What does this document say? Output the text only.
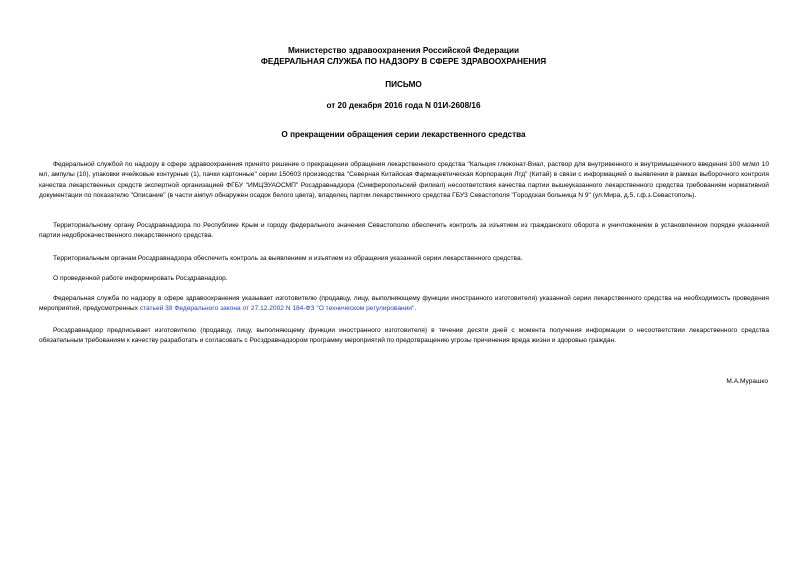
Министерство здравоохранения Российской Федерации
ФЕДЕРАЛЬНАЯ СЛУЖБА ПО НАДЗОРУ В СФЕРЕ ЗДРАВООХРАНЕНИЯ
ПИСЬМО
от 20 декабря 2016 года N 01И-2608/16
О прекращении обращения серии лекарственного средства

Федеральной службой по надзору в сфере здравоохранения принято решение о прекращении обращения лекарственного средства "Кальция глюконат-Виал, раствор для внутривенного и внутримышечного введения 100 мг/мл 10 мл, ампулы (10), упаковки ячейковые контурные (1), пачки картонные" серии 150603 производства "Северная Китайская Фармацевтическая Корпорация Лтд" (Китай) в связи с информацией о выявлении в рамках выборочного контроля качества лекарственных средств экспертной организацией ФГБУ "ИМЦЭУАОСМП" Росздравнадзора (Симферопольский филиал) несоответствия качества партии вышеуказанного лекарственного средства требованиям нормативной документации по показателю "Описание" (в части ампул обнаружен осадок белого цвета), владелец партии лекарственного средства ГБУЗ Севастополя "Городская больница N 9" (ул.Мира, д.5, г.ф.з.Севастополь).

Территориальному органу Росздравнадзора по Республике Крым и городу федерального значения Севастополю обеспечить контроль за изъятием из гражданского оборота и уничтожением в установленном порядке указанной партии недоброкачественного лекарственного средства.

Территориальным органам Росздравнадзора обеспечить контроль за выявлением и изъятием из обращения указанной серии лекарственного средства.

О проведенной работе информировать Росздравнадзор.

Федеральная служба по надзору в сфере здравоохранения указывает изготовителю (продавцу, лицу, выполняющему функции иностранного изготовителя) указанной серии лекарственного средства на необходимость проведения мероприятий, предусмотренных статьей 38 Федерального закона от 27.12.2002 N 184-ФЗ "О техническом регулировании".

Росздравнадзор предписывает изготовителю (продавцу, лицу, выполняющему функции иностранного изготовителя) в течение десяти дней с момента получения информации о несоответствии лекарственного средства обязательным требованиям к качеству разработать и согласовать с Росздравнадзором программу мероприятий по предотвращению угрозы причинения вреда жизни и здоровью граждан.

М.А.Мурашко
